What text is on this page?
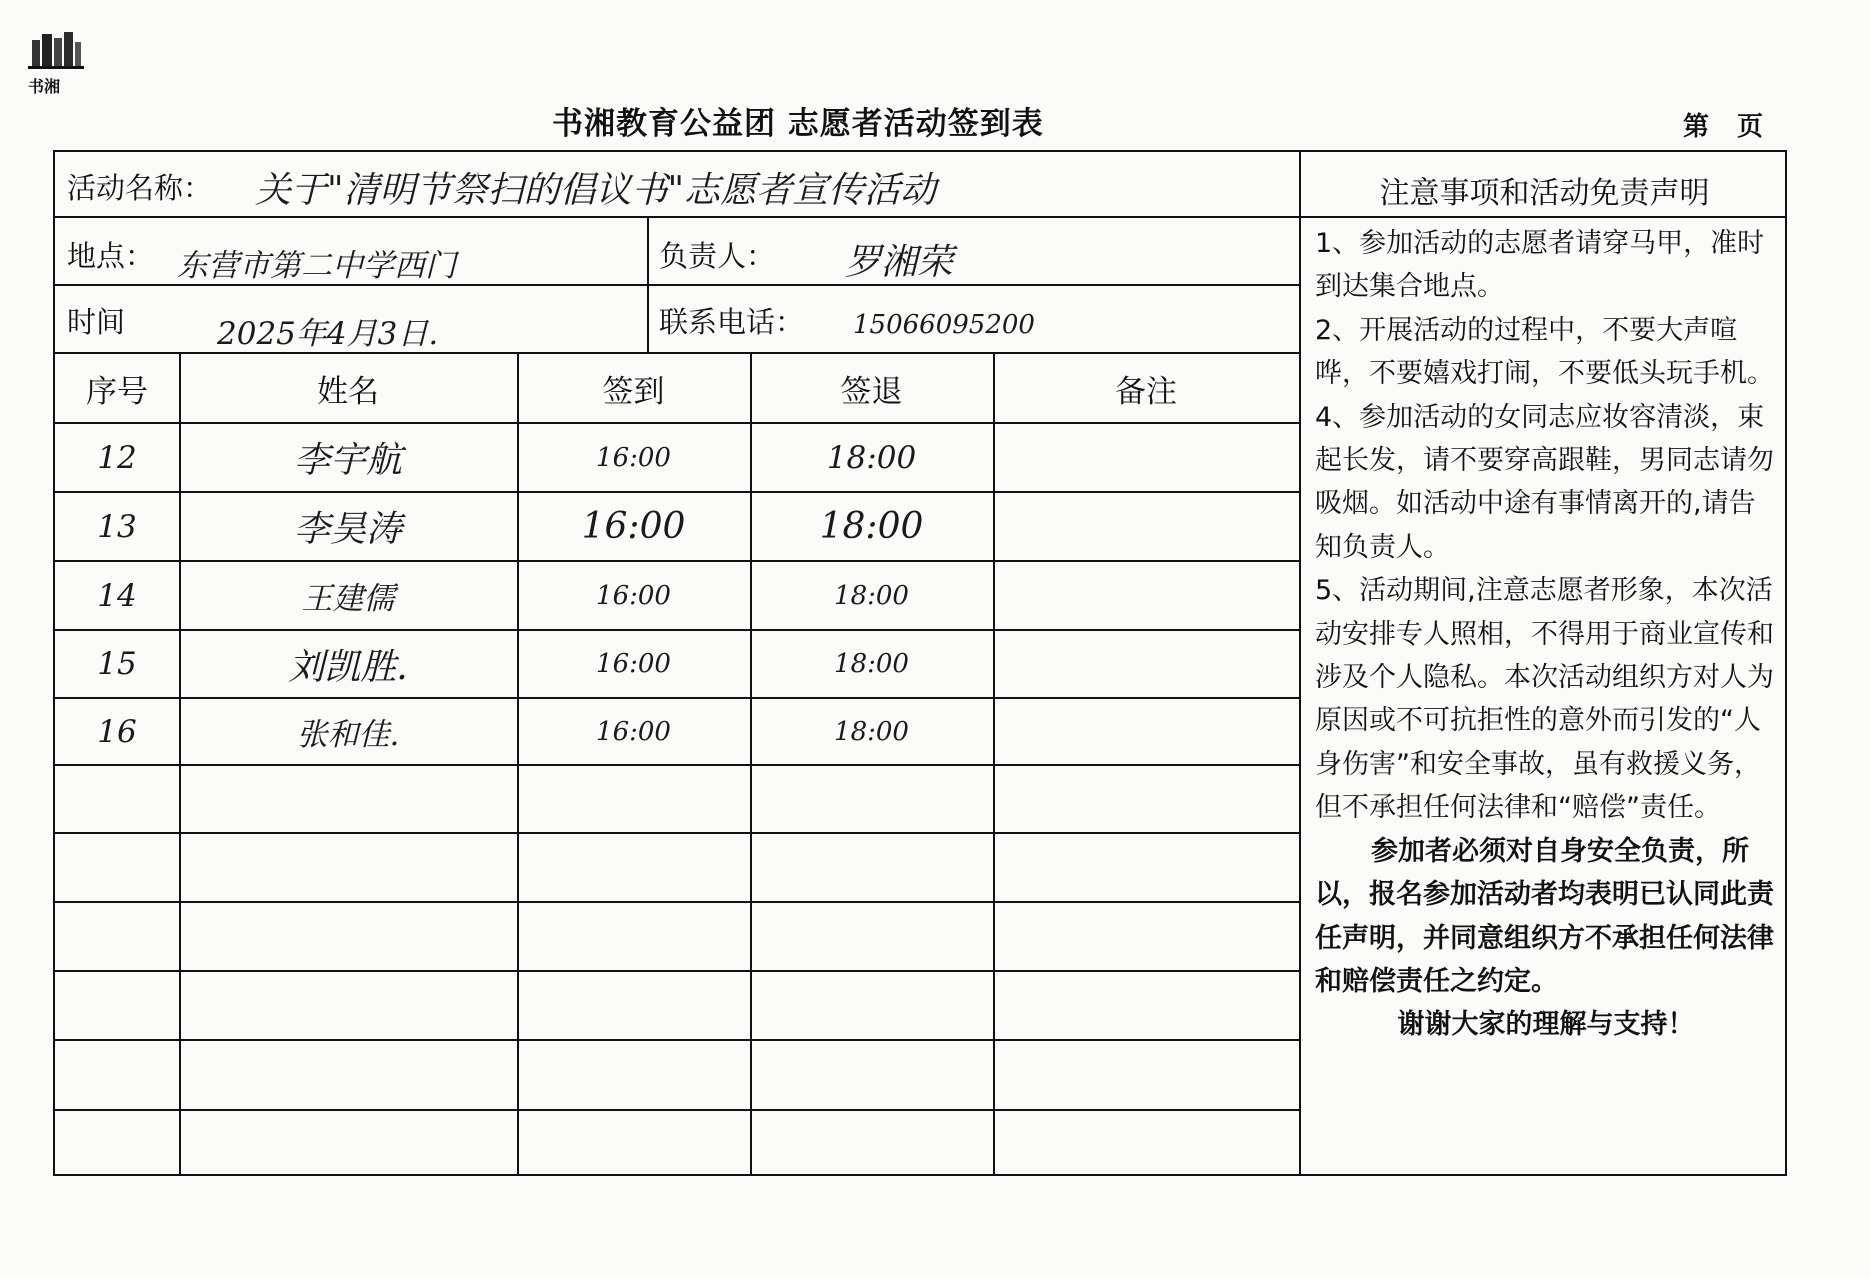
书湘
书湘教育公益团 志愿者活动签到表	第 页
活动名称： 关于"清明节祭扫的倡议书"志愿者宣传活动
地点： 东营市第二中学西门	负责人： 罗湘荣
时间	2025年4月3日.	联系电话： 15066095200
序号	姓名	签到	签退	备注
12	李宇航	16:00	18:00
13	李昊涛	16:00	18:00
14	王建儒	16:00	18:00
15	刘凯胜.	16:00	18:00
16	张和佳.	16:00	18:00
注意事项和活动免责声明

1、参加活动的志愿者请穿马甲，准时到达集合地点。

2、开展活动的过程中，不要大声喧哗，不要嬉戏打闹，不要低头玩手机。

4、参加活动的女同志应妆容清淡，束起长发，请不要穿高跟鞋，男同志请勿吸烟。如活动中途有事情离开的,请告知负责人。

5、活动期间,注意志愿者形象，本次活动安排专人照相，不得用于商业宣传和涉及个人隐私。本次活动组织方对人为原因或不可抗拒性的意外而引发的“人身伤害”和安全事故，虽有救援义务，但不承担任何法律和“赔偿”责任。

参加者必须对自身安全负责，所以，报名参加活动者均表明已认同此责任声明，并同意组织方不承担任何法律和赔偿责任之约定。

谢谢大家的理解与支持！
